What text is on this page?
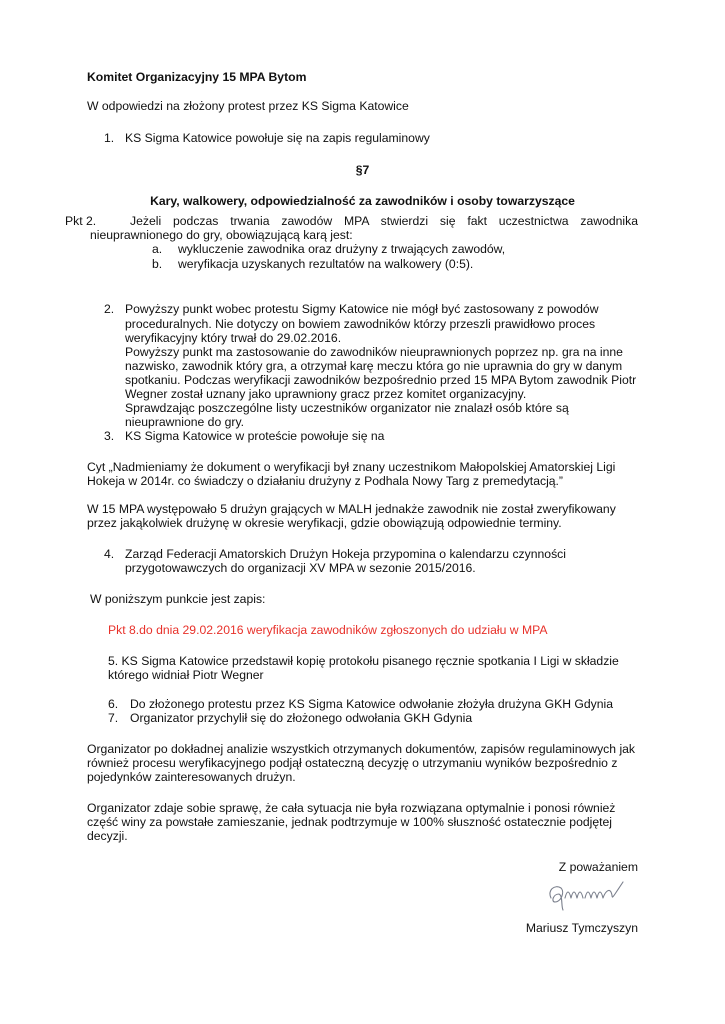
Komitet Organizacyjny 15 MPA Bytom
W odpowiedzi na złożony protest przez KS Sigma Katowice
1. KS Sigma Katowice powołuje się na zapis regulaminowy
§7
Kary, walkowery, odpowiedzialność za zawodników i osoby towarzyszące
Pkt 2.	Jeżeli podczas trwania zawodów MPA stwierdzi się fakt uczestnictwa zawodnika
nieuprawnionego do gry, obowiązującą karą jest:
a. wykluczenie zawodnika oraz drużyny z trwających zawodów,
b. weryfikacja uzyskanych rezultatów na walkowery (0:5).
2. Powyższy punkt wobec protestu Sigmy Katowice nie mógł być zastosowany z powodów
proceduralnych. Nie dotyczy on bowiem zawodników którzy przeszli prawidłowo proces
weryfikacyjny który trwał do 29.02.2016.
Powyższy punkt ma zastosowanie do zawodników nieuprawnionych poprzez np. gra na inne
nazwisko, zawodnik który gra, a otrzymał karę meczu która go nie uprawnia do gry w danym
spotkaniu. Podczas weryfikacji zawodników bezpośrednio przed 15 MPA Bytom zawodnik Piotr
Wegner został uznany jako uprawniony gracz przez komitet organizacyjny.
Sprawdzając poszczególne listy uczestników organizator nie znalazł osób które są
nieuprawnione do gry.
3. KS Sigma Katowice w proteście powołuje się na
Cyt „Nadmieniamy że dokument o weryfikacji był znany uczestnikom Małopolskiej Amatorskiej Ligi
Hokeja w 2014r. co świadczy o działaniu drużyny z Podhala Nowy Targ z premedytacją.”
W 15 MPA występowało 5 drużyn grających w MALH jednakże zawodnik nie został zweryfikowany
przez jakąkolwiek drużynę w okresie weryfikacji, gdzie obowiązują odpowiednie terminy.
4. Zarząd Federacji Amatorskich Drużyn Hokeja przypomina o kalendarzu czynności
przygotowawczych do organizacji XV MPA w sezonie 2015/2016.
W poniższym punkcie jest zapis:
Pkt 8.do dnia 29.02.2016 weryfikacja zawodników zgłoszonych do udziału w MPA
5. KS Sigma Katowice przedstawił kopię protokołu pisanego ręcznie spotkania I Ligi w składzie
którego widniał Piotr Wegner
6. Do złożonego protestu przez KS Sigma Katowice odwołanie złożyła drużyna GKH Gdynia
7. Organizator przychylił się do złożonego odwołania GKH Gdynia
Organizator po dokładnej analizie wszystkich otrzymanych dokumentów, zapisów regulaminowych jak
również procesu weryfikacyjnego podjął ostateczną decyzję o utrzymaniu wyników bezpośrednio z
pojedynków zainteresowanych drużyn.
Organizator zdaje sobie sprawę, że cała sytuacja nie była rozwiązana optymalnie i ponosi również
część winy za powstałe zamieszanie, jednak podtrzymuje w 100% słuszność ostatecznie podjętej
decyzji.
Z poważaniem
Mariusz Tymczyszyn
